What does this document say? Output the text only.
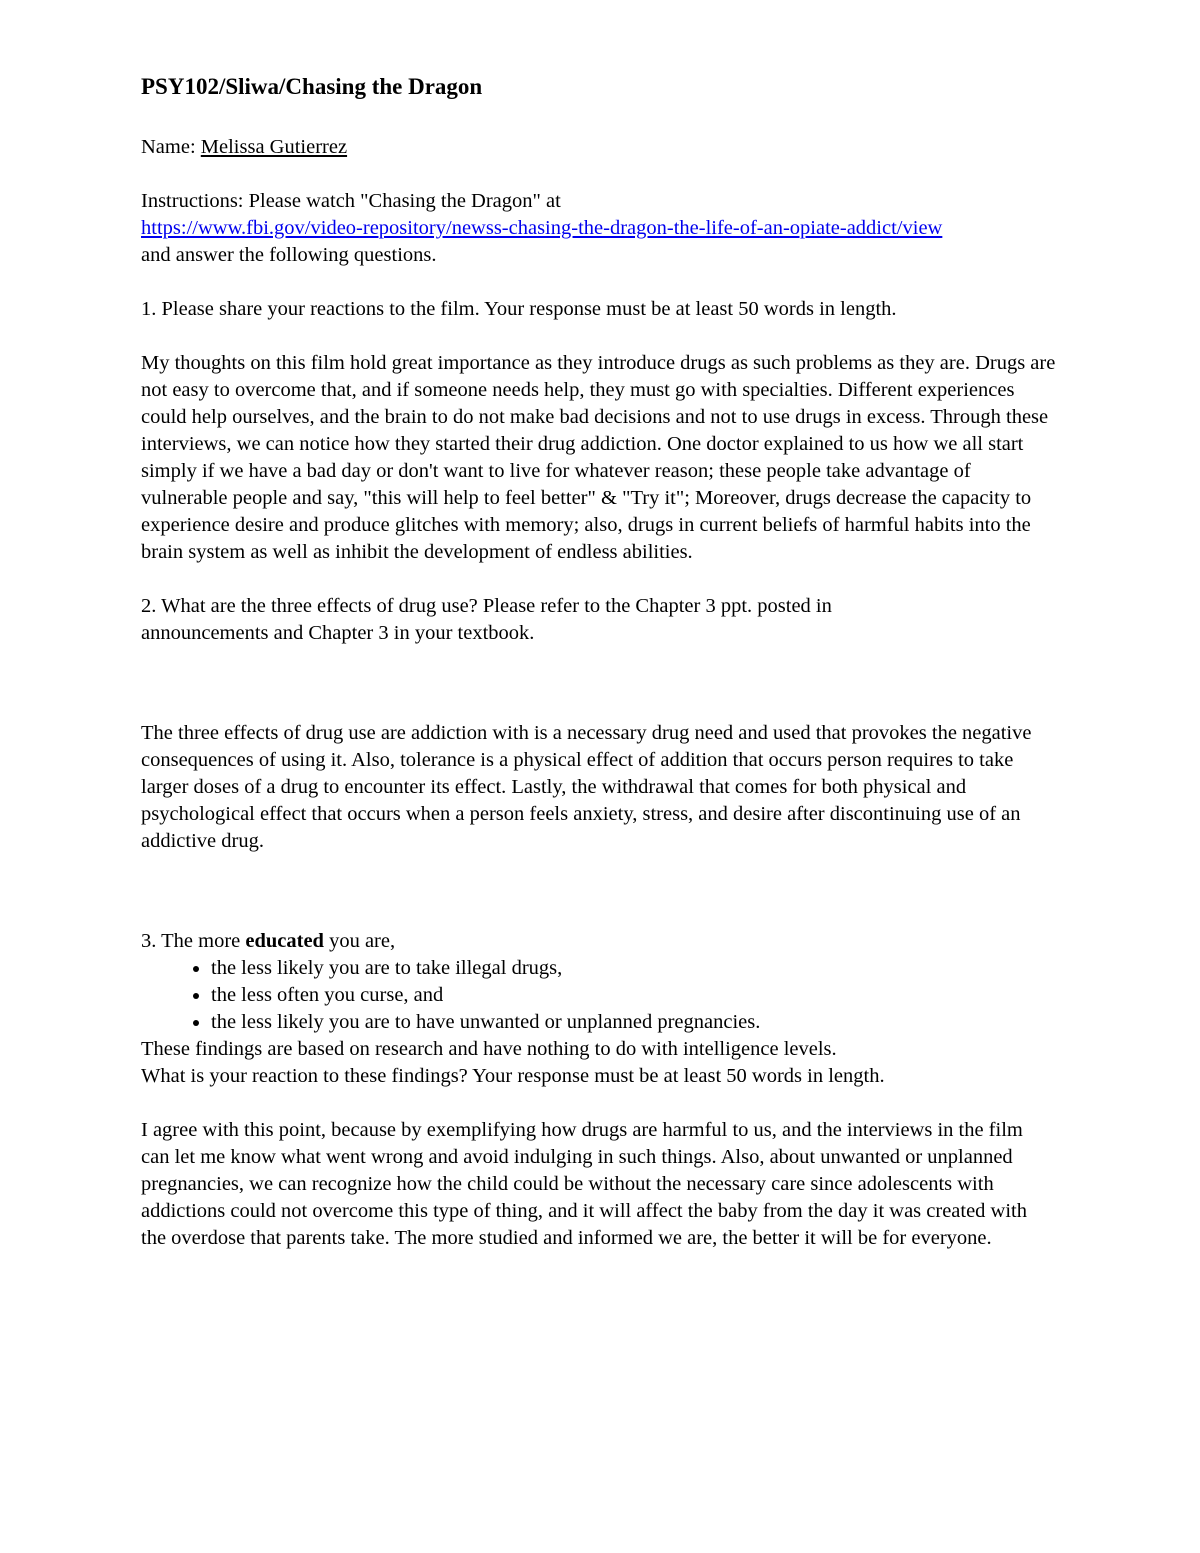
PSY102/Sliwa/Chasing the Dragon

Name: Melissa Gutierrez

Instructions: Please watch "Chasing the Dragon" at

https://www.fbi.gov/video-repository/newss-chasing-the-dragon-the-life-of-an-opiate-addict/view

and answer the following questions.

1. Please share your reactions to the film. Your response must be at least 50 words in length.

My thoughts on this film hold great importance as they introduce drugs as such problems as they are. Drugs are not easy to overcome that, and if someone needs help, they must go with specialties. Different experiences could help ourselves, and the brain to do not make bad decisions and not to use drugs in excess. Through these interviews, we can notice how they started their drug addiction. One doctor explained to us how we all start simply if we have a bad day or don't want to live for whatever reason; these people take advantage of vulnerable people and say, "this will help to feel better" & "Try it"; Moreover, drugs decrease the capacity to experience desire and produce glitches with memory; also, drugs in current beliefs of harmful habits into the brain system as well as inhibit the development of endless abilities.

2. What are the three effects of drug use? Please refer to the Chapter 3 ppt. posted in announcements and Chapter 3 in your textbook.

The three effects of drug use are addiction with is a necessary drug need and used that provokes the negative consequences of using it. Also, tolerance is a physical effect of addition that occurs person requires to take larger doses of a drug to encounter its effect. Lastly, the withdrawal that comes for both physical and psychological effect that occurs when a person feels anxiety, stress, and desire after discontinuing use of an addictive drug.

3. The more educated you are,

• the less likely you are to take illegal drugs,
• the less often you curse, and
• the less likely you are to have unwanted or unplanned pregnancies.

These findings are based on research and have nothing to do with intelligence levels.

What is your reaction to these findings? Your response must be at least 50 words in length.

I agree with this point, because by exemplifying how drugs are harmful to us, and the interviews in the film can let me know what went wrong and avoid indulging in such things. Also, about unwanted or unplanned pregnancies, we can recognize how the child could be without the necessary care since adolescents with addictions could not overcome this type of thing, and it will affect the baby from the day it was created with the overdose that parents take. The more studied and informed we are, the better it will be for everyone.
